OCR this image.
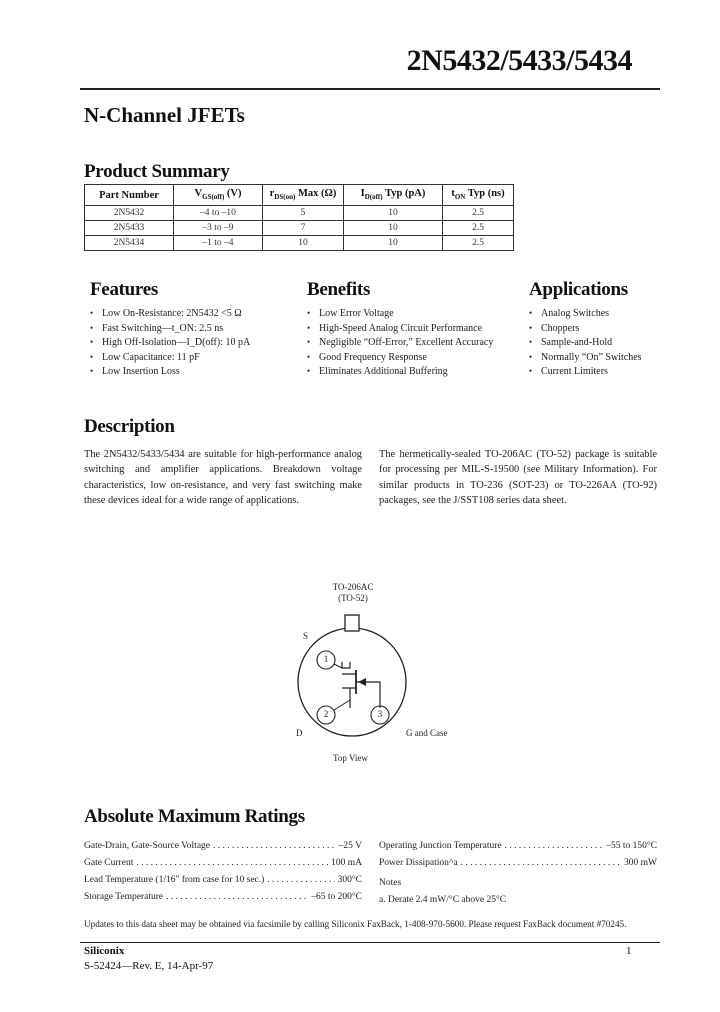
2N5432/5433/5434
N-Channel JFETs
Product Summary
Part Number	$V_{GS(off)}$ (V)	$r_{DS(on)}$ Max (Ω)	$I_{D(off)}$ Typ (pA)	$t_{ON}$ Typ (ns)
2N5432	–4 to –10	5	10	2.5
2N5433	–3 to –9	7	10	2.5
2N5434	–1 to –4	10	10	2.5
Features
• Low On-Resistance: 2N5432 <5 Ω
• Fast Switching—t_ON: 2.5 ns
• High Off-Isolation—I_D(off): 10 pA
• Low Capacitance: 11 pF
• Low Insertion Loss
Benefits
• Low Error Voltage
• High-Speed Analog Circuit Performance
• Negligible “Off-Error,” Excellent Accuracy
• Good Frequency Response
• Eliminates Additional Buffering
Applications
• Analog Switches
• Choppers
• Sample-and-Hold
• Normally “On” Switches
• Current Limiters
Description
The 2N5432/5433/5434 are suitable for high-performance analog switching and amplifier applications. Breakdown voltage characteristics, low on-resistance, and very fast switching make these devices ideal for a wide range of applications.
The hermetically-sealed TO-206AC (TO-52) package is suitable for processing per MIL-S-19500 (see Military Information). For similar products in TO-236 (SOT-23) or TO-226AA (TO-92) packages, see the J/SST108 series data sheet.
TO-206AC
(TO-52)
S
D	G and Case
1
2	3
Top View
Absolute Maximum Ratings
Gate-Drain, Gate-Source Voltage . . .	–25 V
Gate Current . . .	100 mA
Lead Temperature (1/16" from case for 10 sec.) . . .	300°C
Storage Temperature . . .	–65 to 200°C
Operating Junction Temperature . . .	–55 to 150°C
Power Dissipation^a . . .	300 mW
Notes
a. Derate 2.4 mW/°C above 25°C
Updates to this data sheet may be obtained via facsimile by calling Siliconix FaxBack, 1-408-970-5600. Please request FaxBack document #70245.
Siliconix
S-52424—Rev. E, 14-Apr-97
1
